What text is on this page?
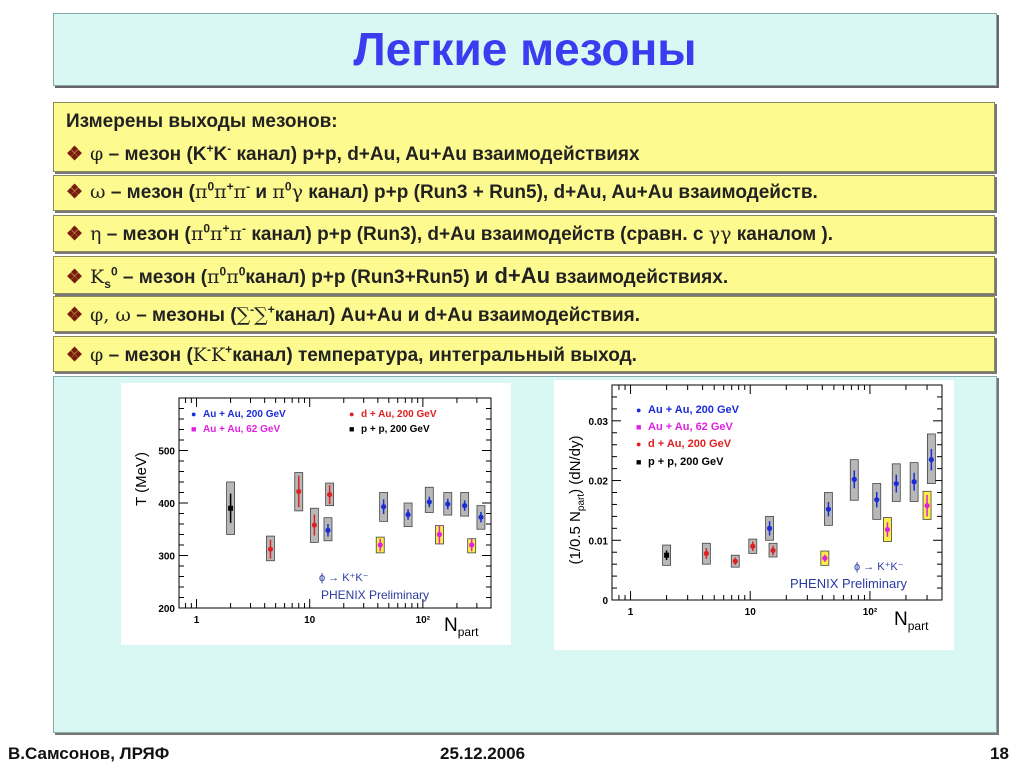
Легкие мезоны
Измерены выходы мезонов:
❖ φ – мезон (K+K- канал) p+p, d+Au, Au+Au взаимодействиях
❖ ω – мезон ($\pi^0\pi^+\pi^-$ и $\pi^0\gamma$ канал) p+p (Run3 + Run5), d+Au, Au+Au взаимодейств.
❖ η – мезон ($\pi^0\pi^+\pi^-$ канал) p+p (Run3), d+Au взаимодейств (сравн. с γγ каналом ).
❖ $K_s^0$ – мезон $(\pi^0\pi^0канал)$ p+p (Run3+Run5) и d+Au взаимодействиях.
❖ φ, ω – мезоны (∑-∑+канал) Au+Au и d+Au взаимодействия.
❖ φ – мезон (K-K+канал) температура, интегральный выход.
1	10	10²
200
300
400
500
● Au + Au, 200 GeV	● d + Au, 200 GeV
■ Au + Au, 62 GeV	■ p + p, 200 GeV
ϕ → K⁺K⁻
PHENIX Preliminary
$N_{part}$
T (MeV)
1	10	10²
0
0.01
0.02
0.03
● Au + Au, 200 GeV
■ Au + Au, 62 GeV
● d + Au, 200 GeV
■ p + p, 200 GeV
ϕ → K⁺K⁻
PHENIX Preliminary
$N_{part}$
(1/0.5 $N_{part}$) (dN/dy)
В.Самсонов, ЛРЯФ	25.12.2006	18
